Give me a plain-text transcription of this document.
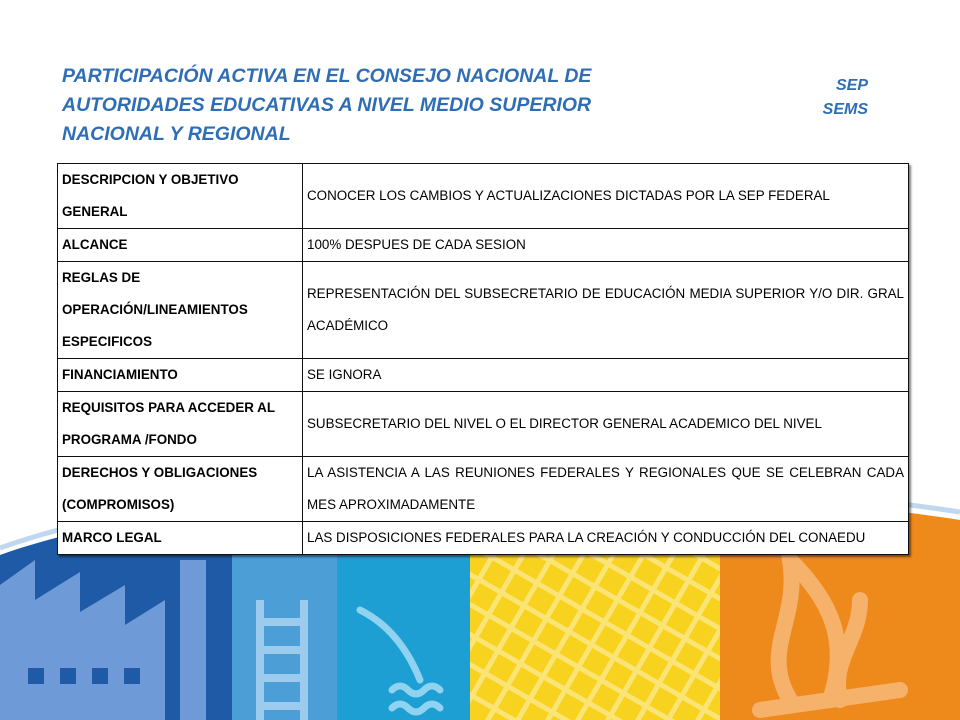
PARTICIPACIÓN ACTIVA EN EL CONSEJO NACIONAL DE
AUTORIDADES EDUCATIVAS A NIVEL MEDIO SUPERIOR
NACIONAL Y REGIONAL
SEP
SEMS
DESCRIPCION Y OBJETIVO GENERAL	CONOCER LOS CAMBIOS Y ACTUALIZACIONES DICTADAS POR LA SEP FEDERAL
ALCANCE	100% DESPUES DE CADA SESION
REGLAS DE OPERACIÓN/LINEAMIENTOS ESPECIFICOS	REPRESENTACIÓN DEL SUBSECRETARIO DE EDUCACIÓN MEDIA SUPERIOR Y/O DIR. GRAL ACADÉMICO
FINANCIAMIENTO	SE IGNORA
REQUISITOS PARA ACCEDER AL PROGRAMA /FONDO	SUBSECRETARIO DEL NIVEL O EL DIRECTOR GENERAL ACADEMICO DEL NIVEL
DERECHOS Y OBLIGACIONES (COMPROMISOS)	LA ASISTENCIA A LAS REUNIONES FEDERALES Y REGIONALES QUE SE CELEBRAN CADA MES APROXIMADAMENTE
MARCO LEGAL	LAS DISPOSICIONES FEDERALES PARA LA CREACIÓN Y CONDUCCIÓN DEL CONAEDU
